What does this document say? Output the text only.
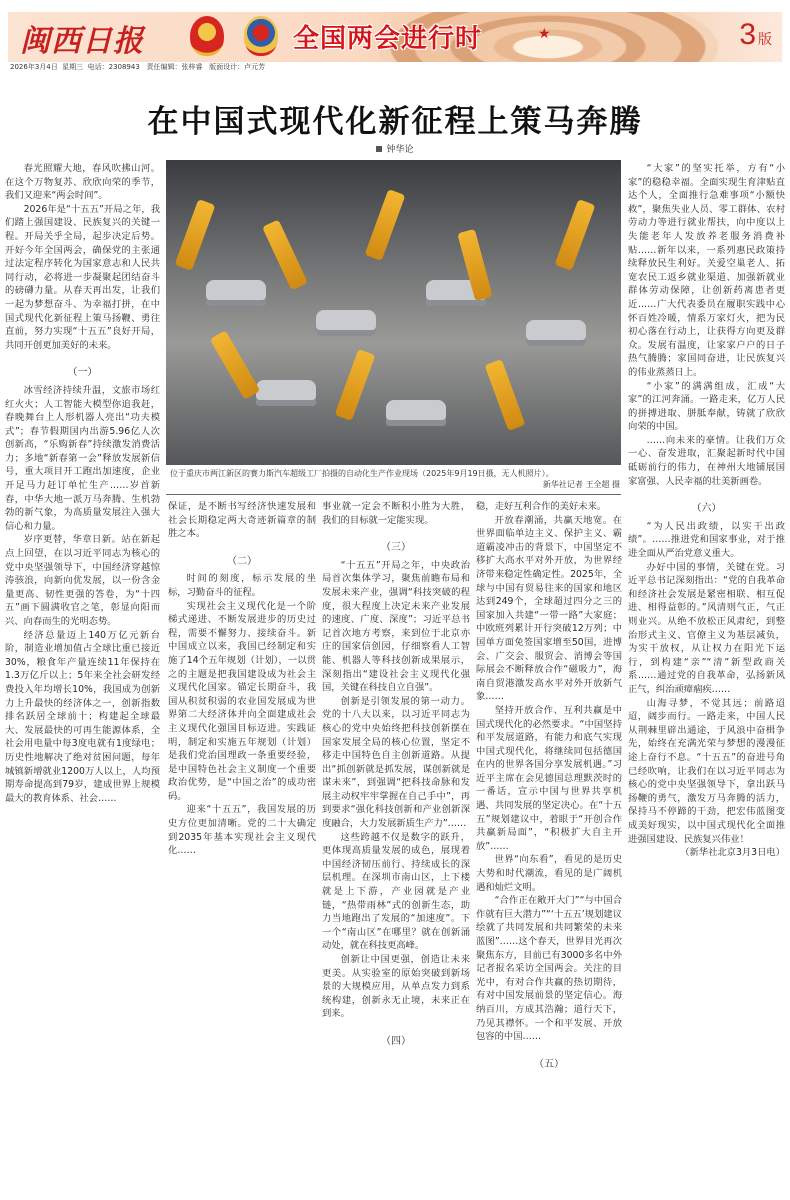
★
闽西日报	全国两会进行时	3 版
2026年3月4日  星期三  电话：2308943   责任编辑：张梓睿   版面设计：卢元芳
在中国式现代化新征程上策马奔腾
钟华论
位于重庆市两江新区的赛力斯汽车超级工厂拍摄的自动化生产作业现场（2025年9月19日摄，无人机照片）。
新华社记者 王全超 摄

春光照耀大地，春风吹拂山河。在这个万物复苏、欣欣向荣的季节，我们又迎来“两会时间”。

2026年是“十五五”开局之年，我们踏上强国建设、民族复兴的关键一程。开局关乎全局，起步决定后势。开好今年全国两会，确保党的主张通过法定程序转化为国家意志和人民共同行动，必将进一步凝聚起团结奋斗的磅礴力量。从春天再出发，让我们一起为梦想奋斗、为幸福打拼，在中国式现代化新征程上策马扬鞭、勇往直前，努力实现“十五五”良好开局，共同开创更加美好的未来。

（一）

冰雪经济持续升温，文旅市场红红火火；人工智能大模型你追我赶，春晚舞台上人形机器人亮出“功夫模式”；春节假期国内出游5.96亿人次创新高，“乐购新春”持续激发消费活力；多地“新春第一会”释放发展新信号，重大项目开工跑出加速度，企业开足马力赶订单忙生产……岁首新春，中华大地一派万马奔腾、生机勃勃的新气象，为高质量发展注入强大信心和力量。

岁序更替，华章日新。站在新起点上回望，在以习近平同志为核心的党中央坚强领导下，中国经济穿越惊涛骇浪，向新向优发展，以一份含金量更高、韧性更强的答卷，为“十四五”画下圆满收官之笔，彰显向阳而兴、向春而生的光明态势。

经济总量迈上140万亿元新台阶，制造业增加值占全球比重已接近30%，粮食年产量连续11年保持在1.3万亿斤以上；5年来全社会研发经费投入年均增长10%，我国成为创新力上升最快的经济体之一，创新指数排名跃居全球前十；构建起全球最大、发展最快的可再生能源体系，全社会用电量中每3度电就有1度绿电；历史性地解决了绝对贫困问题，每年城镇新增就业1200万人以上，人均预期寿命提高到79岁，建成世界上规模最大的教育体系、社会……

保证，是不断书写经济快速发展和社会长期稳定两大奇迹新篇章的制胜之本。

（二）

时间的刻度，标示发展的坐标，习勤奋斗的征程。

实现社会主义现代化是一个阶梯式递进、不断发展进步的历史过程，需要不懈努力、接续奋斗。新中国成立以来，我国已经制定和实施了14个五年规划（计划），一以贯之的主题是把我国建设成为社会主义现代化国家。锚定长期奋斗，我国从积贫积弱的农业国发展成为世界第二大经济体并向全面建成社会主义现代化强国目标迈进。实践证明，制定和实施五年规划（计划）是我们党治国理政一条重要经验，是中国特色社会主义制度一个重要政治优势，是“中国之治”的成功密码。

迎来“十五五”，我国发展的历史方位更加清晰。党的二十大确定到2035年基本实现社会主义现代化……

事业就一定会不断积小胜为大胜，我们的目标就一定能实现。

（三）

“十五五”开局之年，中央政治局首次集体学习，聚焦前瞻布局和发展未来产业，强调“科技突破的程度，很大程度上决定未来产业发展的速度、广度、深度”；习近平总书记首次地方考察，来到位于北京亦庄的国家信创园，仔细察看人工智能、机器人等科技创新成果展示，深刻指出“建设社会主义现代化强国，关键在科技自立自强”。

创新是引领发展的第一动力。党的十八大以来，以习近平同志为核心的党中央始终把科技创新摆在国家发展全局的核心位置，坚定不移走中国特色自主创新道路。从提出“抓创新就是抓发展，谋创新就是谋未来”，到强调“把科技命脉和发展主动权牢牢掌握在自己手中”，再到要求“强化科技创新和产业创新深度融合，大力发展新质生产力”……

这些跨越不仅是数字的跃升，更体现高质量发展的成色，展现着中国经济韧压前行、持续成长的深层机理。在深圳市南山区，上下楼就是上下游，产业园就是产业链，“热带雨林”式的创新生态，助力当地跑出了发展的“加速度”。下一个“南山区”在哪里？就在创新涌动处，就在科技更高峰。

创新让中国更强，创造让未来更美。从实验室的原始突破到新场景的大规模应用，从单点发力到系统构建，创新永无止境，未来正在到来。

（四）

稳，走好互利合作的美好未来。

开放春潮涌，共赢天地宽。在世界面临单边主义、保护主义、霸道霸凌冲击的背景下，中国坚定不移扩大高水平对外开放，为世界经济带来稳定性确定性。2025年，全球与中国有贸易往来的国家和地区达到249个，全球超过四分之三的国家加入共建“一带一路”大家庭；中欧班列累计开行突破12万列；中国单方面免签国家增至50国，进博会、广交会、服贸会、消博会等国际展会不断释放合作“磁吸力”，海南自贸港激发高水平对外开放新气象……

坚持开放合作、互利共赢是中国式现代化的必然要求。“中国坚持和平发展道路，有能力和底气实现中国式现代化，将继续同包括德国在内的世界各国分享发展机遇。”习近平主席在会见德国总理默茨时的一番话，宣示中国与世界共享机遇、共同发展的坚定决心。在“十五五”规划建议中，着眼于“开创合作共赢新局面”，“积极扩大自主开放”……

世界“向东看”，看见的是历史大势和时代潮流，看见的是广阔机遇和灿烂文明。

“合作正在敞开大门”“与中国合作就有巨大潜力”“‘十五五’规划建议绘就了共同发展和共同繁荣的未来蓝图”……这个春天，世界目光再次聚焦东方，目前已有3000多名中外记者报名采访全国两会。关注的目光中，有对合作共赢的热切期待，有对中国发展前景的坚定信心。海纳百川，方成其浩瀚；道行天下，乃见其襟怀。一个和平发展、开放包容的中国……

（五）

“大家”的坚实托举，方有“小家”的稳稳幸福。全面实现生育津贴直达个人，全面推行急难事项“小额快救”，聚焦失业人员、零工群体、农村劳动力等进行就业帮扶，向中度以上失能老年人发放养老服务消费补贴……新年以来，一系列惠民政策持续释放民生利好。关爱空巢老人、拓宽农民工返乡就业渠道、加强新就业群体劳动保障，让创新药离患者更近……广大代表委员在履职实践中心怀百姓冷暖，情系万家灯火，把为民初心落在行动上，让获得方向更及群众。发展有温度，让家家户户的日子热气腾腾；家国同奋进，让民族复兴的伟业蒸蒸日上。

“小家”的满满组成，汇成“大家”的江河奔涌。一路走来，亿万人民的拼搏进取、胼胝奉献，铸就了欣欣向荣的中国。

……向未来的豪情。让我们万众一心、奋发进取，汇聚起新时代中国砥砺前行的伟力，在神州大地铺展国家富强、人民幸福的壮美新画卷。

（六）

“为人民出政绩，以实干出政绩”。……推进党和国家事业，对于推进全面从严治党意义重大。

办好中国的事情，关键在党。习近平总书记深刻指出：“党的自我革命和经济社会发展是紧密相联、相互促进、相得益彰的。”风清则气正，气正则业兴。从绝不放松正风肃纪，到整治形式主义、官僚主义为基层减负，为实干放权，从让权力在阳光下运行，到构建“亲”“清”新型政商关系……通过党的自我革命，弘扬新风正气，纠治顽瘴痼疾……

山海寻梦，不觉其远；前路迢迢，阔步而行。一路走来，中国人民从荆棘里辟出通途，于风浪中奋楫争先，始终在充满光荣与梦想的漫漫征途上奋行不息。“十五五”的奋进号角已经吹响，让我们在以习近平同志为核心的党中央坚强领导下，拿出跃马扬鞭的勇气，激发万马奔腾的活力，保持马不停蹄的干劲，把宏伟蓝图变成美好现实，以中国式现代化全面推进强国建设、民族复兴伟业！

（新华社北京3月3日电）
